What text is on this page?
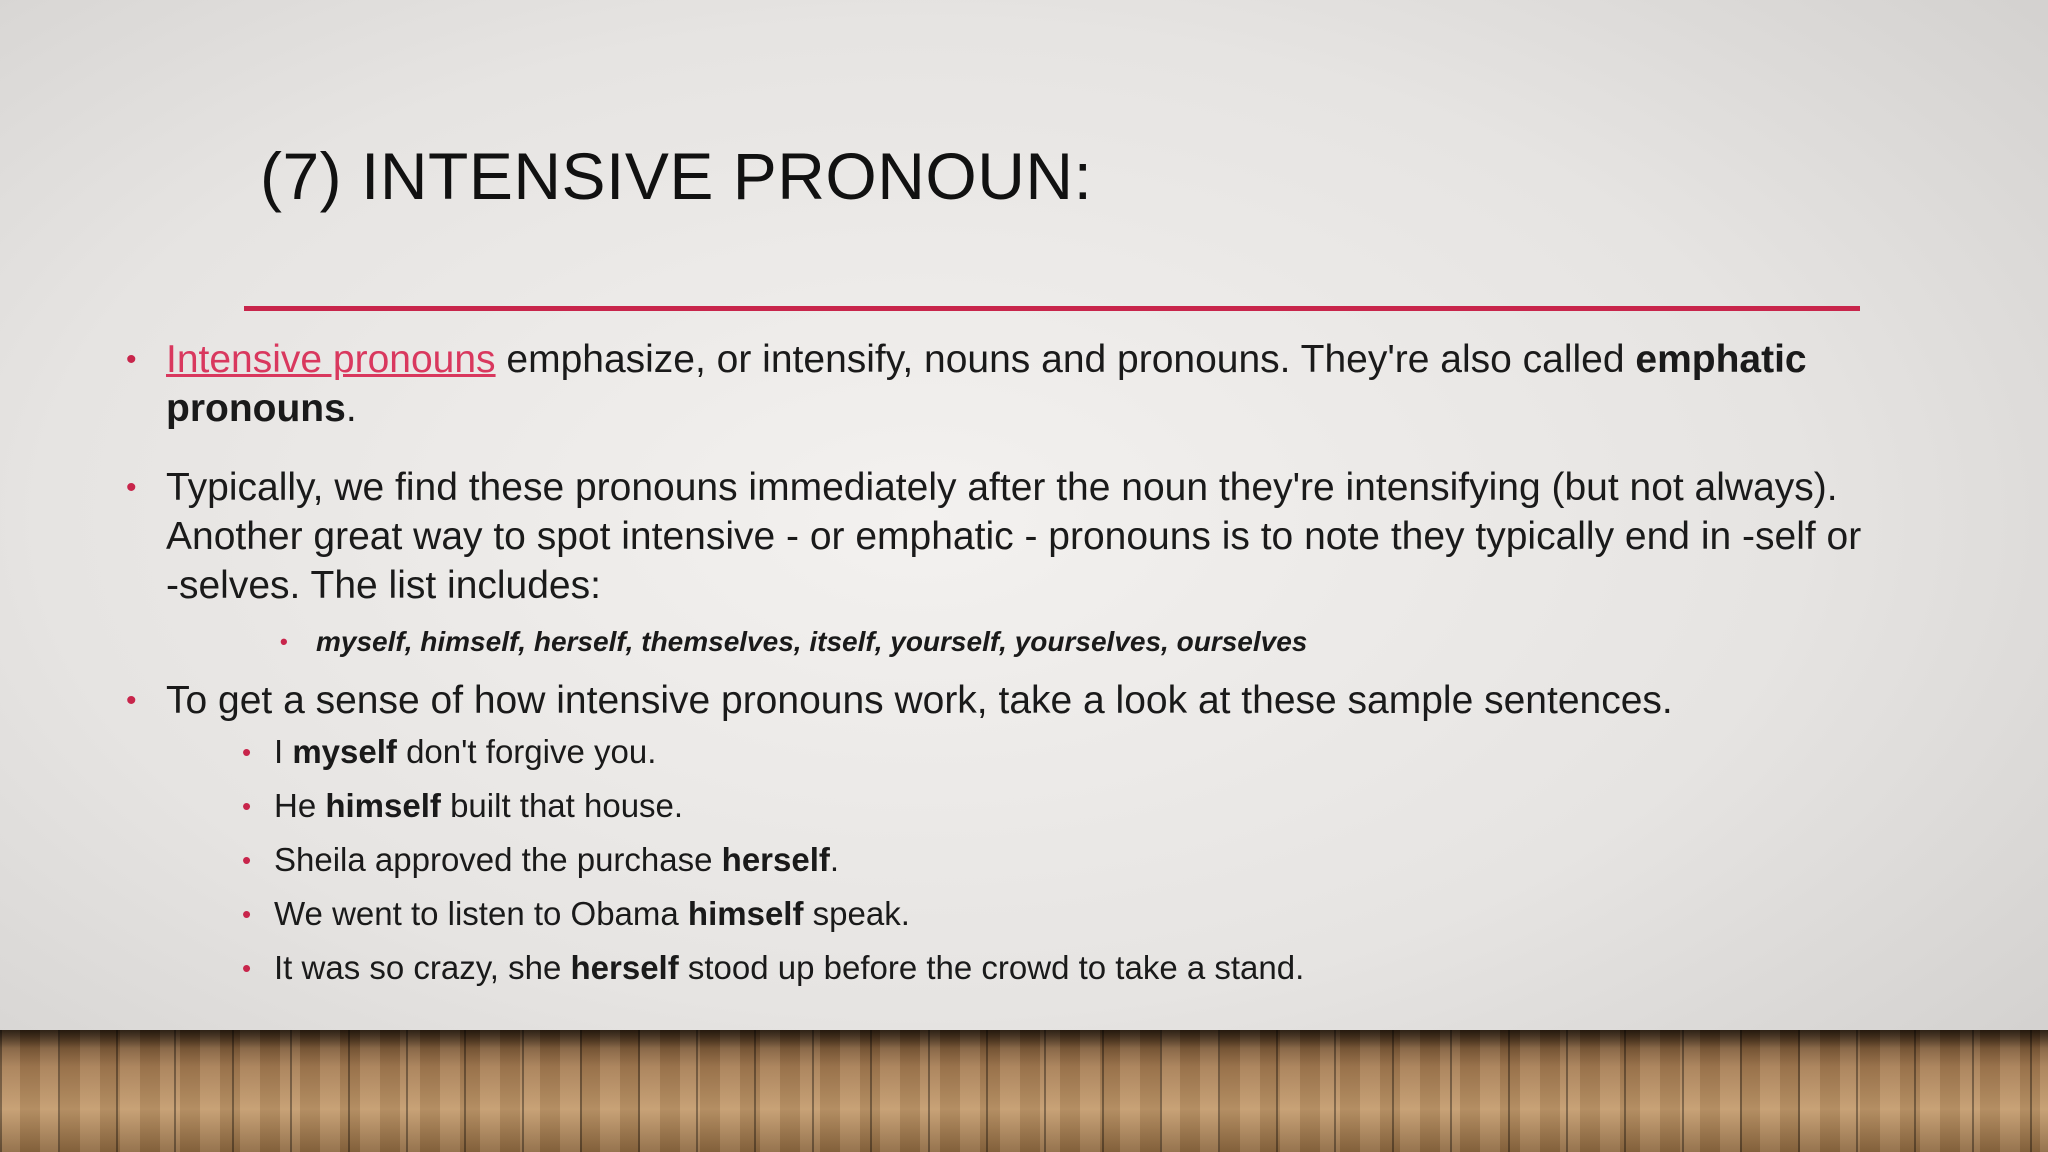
(7) INTENSIVE PRONOUN:
• Intensive pronouns emphasize, or intensify, nouns and pronouns. They're also called emphatic pronouns.
• Typically, we find these pronouns immediately after the noun they're intensifying (but not always). Another great way to spot intensive - or emphatic - pronouns is to note they typically end in -self or -selves. The list includes:
• myself, himself, herself, themselves, itself, yourself, yourselves, ourselves
• To get a sense of how intensive pronouns work, take a look at these sample sentences.
• I myself don't forgive you.
• He himself built that house.
• Sheila approved the purchase herself.
• We went to listen to Obama himself speak.
• It was so crazy, she herself stood up before the crowd to take a stand.
